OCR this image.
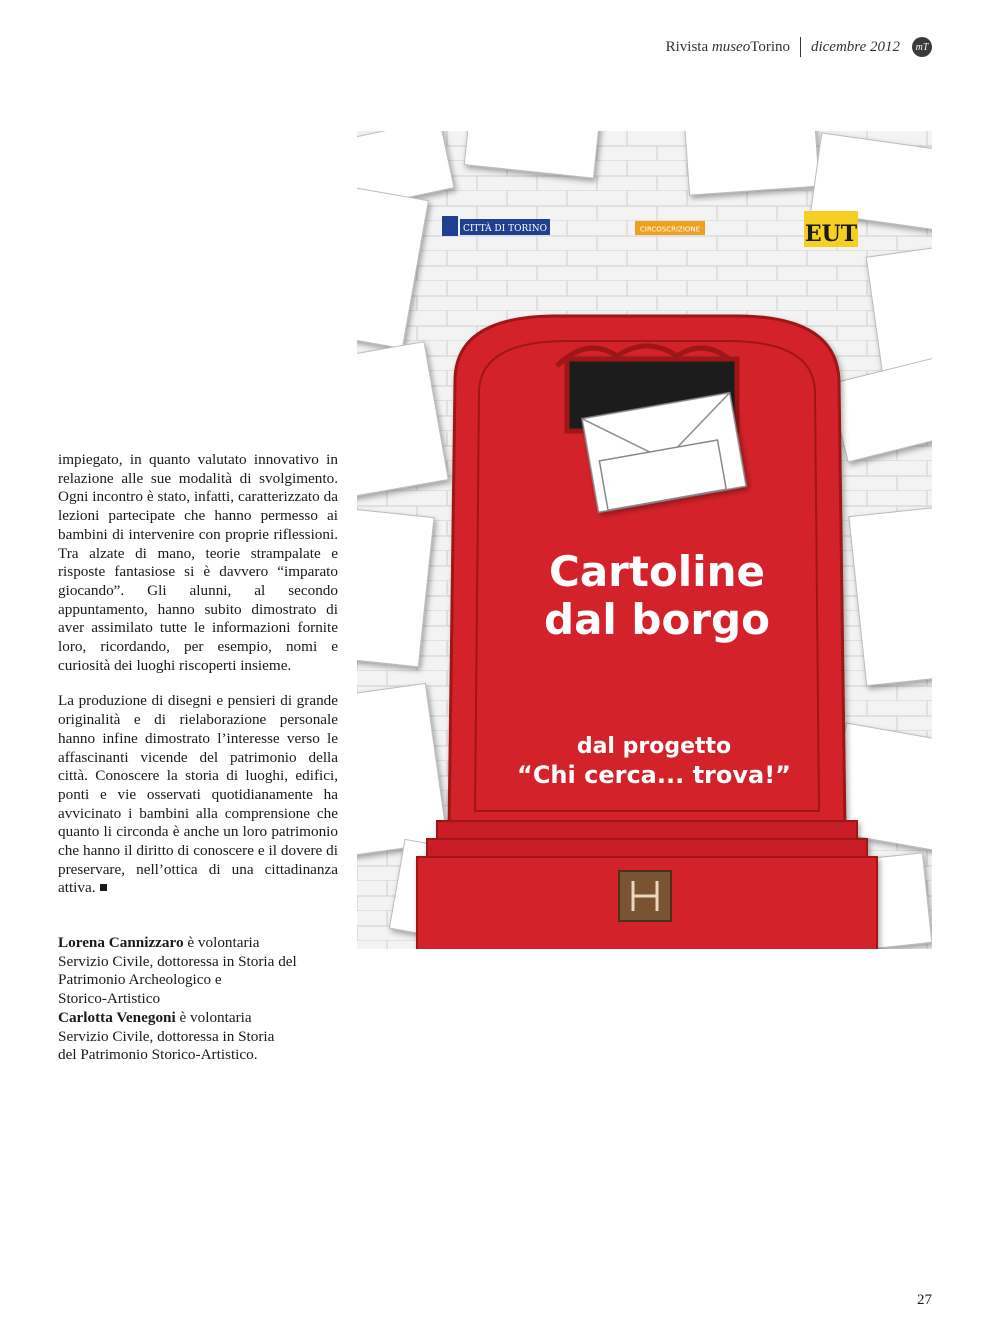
Rivista museoTorino dicembre 2012	mT

impiegato, in quanto valutato innovativo in relazione alle sue modalità di svolgimento. Ogni incontro è stato, infatti, caratterizzato da lezioni partecipate che hanno permesso ai bambini di intervenire con proprie riflessioni. Tra alzate di mano, teorie strampalate e risposte fantasiose si è davvero “imparato giocando”. Gli alunni, al secondo appuntamento, hanno subito dimostrato di aver assimilato tutte le informazioni fornite loro, ricordando, per esempio, nomi e curiosità dei luoghi riscoperti insieme.

La produzione di disegni e pensieri di grande originalità e di rielaborazione personale hanno infine dimostrato l’interesse verso le affascinanti vicende del patrimonio della città. Conoscere la storia di luoghi, edifici, ponti e vie osservati quotidianamente ha avvicinato i bambini alla comprensione che quanto li circonda è anche un loro patrimonio che hanno il diritto di conoscere e il dovere di preservare, nell’ottica di una cittadinanza attiva.

Lorena Cannizzaro è volontaria
Servizio Civile, dottoressa in Storia del
Patrimonio Archeologico e
Storico-Artistico
Carlotta Venegoni è volontaria
Servizio Civile, dottoressa in Storia
del Patrimonio Storico-Artistico.
CITTÀ DI TORINO	CIRCOSCRIZIONE	EUT
Cartoline
dal borgo
dal progetto
“Chi cerca... trova!”
27
